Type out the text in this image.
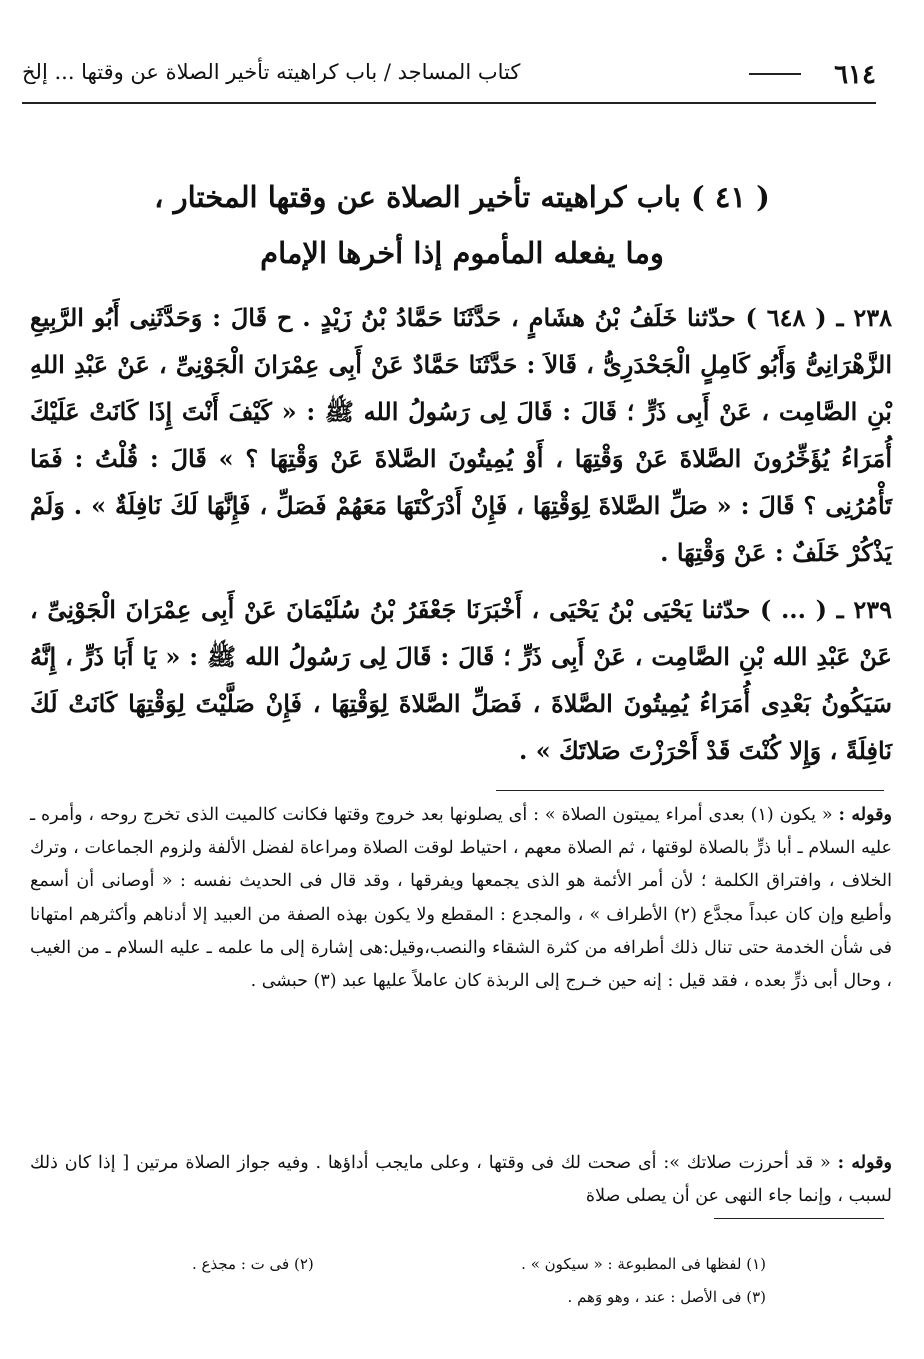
٦١٤
كتاب المساجد / باب كراهيته تأخير الصلاة عن وقتها ... إلخ
( ٤١ ) باب كراهيته تأخير الصلاة عن وقتها المختار ،
وما يفعله المأموم إذا أخرها الإمام

٢٣٨ ـ ( ٦٤٨ ) حدّثنا خَلَفُ بْنُ هشَامٍ ، حَدَّثَنَا حَمَّادُ بْنُ زَيْدٍ . ح قَالَ : وَحَدَّثَنِى أَبُو الرَّبِيعِ الزَّهْرَانِىُّ وَأَبُو كَامِلٍ الْجَحْدَرِىُّ ، قَالاَ : حَدَّثَنَا حَمَّادٌ عَنْ أَبِى عِمْرَانَ الْجَوْنِىِّ ، عَنْ عَبْدِ اللهِ بْنِ الصَّامِت ، عَنْ أَبِى ذَرٍّ ؛ قَالَ : قَالَ لِى رَسُولُ الله ﷺ : « كَيْفَ أَنْتَ إِذَا كَانَتْ عَلَيْكَ أُمَرَاءُ يُؤَخِّرُونَ الصَّلاةَ عَنْ وَقْتِهَا ، أَوْ يُمِيتُونَ الصَّلاةَ عَنْ وَقْتِهَا ؟ » قَالَ : قُلْتُ : فَمَا تَأْمُرُنِى ؟ قَالَ : « صَلِّ الصَّلاةَ لِوَقْتِهَا ، فَإِنْ أَدْرَكْتَهَا مَعَهُمْ فَصَلِّ ، فَإِنَّهَا لَكَ نَافِلَةٌ » . وَلَمْ يَذْكُرْ خَلَفٌ : عَنْ وَقْتِهَا .

٢٣٩ ـ ( ... ) حدّثنا يَحْيَى بْنُ يَحْيَى ، أَخْبَرَنَا جَعْفَرُ بْنُ سُلَيْمَانَ عَنْ أَبِى عِمْرَانَ الْجَوْنِىِّ ، عَنْ عَبْدِ الله بْنِ الصَّامِت ، عَنْ أَبِى ذَرٍّ ؛ قَالَ : قَالَ لِى رَسُولُ الله ﷺ : « يَا أَبَا ذَرٍّ ، إِنَّهُ سَيَكُونُ بَعْدِى أُمَرَاءُ يُمِيتُونَ الصَّلاةَ ، فَصَلِّ الصَّلاةَ لِوَقْتِهَا ، فَإِنْ صَلَّيْتَ لِوَقْتِهَا كَانَتْ لَكَ نَافِلَةً ، وَإِلا كُنْتَ قَدْ أَحْرَزْتَ صَلاتَكَ » .

وقوله : « يكون (١) بعدى أمراء يميتون الصلاة » : أى يصلونها بعد خروج وقتها فكانت كالميت الذى تخرج روحه ، وأمره ـ عليه السلام ـ أبا ذرٍّ بالصلاة لوقتها ، ثم الصلاة معهم ، احتياط لوقت الصلاة ومراعاة لفضل الألفة ولزوم الجماعات ، وترك الخلاف ، وافتراق الكلمة ؛ لأن أمر الأئمة هو الذى يجمعها ويفرقها ، وقد قال فى الحديث نفسه : « أوصانى أن أسمع وأطيع وإن كان عبداً مجدَّع (٢) الأطراف » ، والمجدع : المقطع ولا يكون بهذه الصفة من العبيد إلا أدناهم وأكثرهم امتهانا فى شأن الخدمة حتى تنال ذلك أطرافه من كثرة الشقاء والنصب،وقيل:هى إشارة إلى ما علمه ـ عليه السلام ـ من الغيب ، وحال أبى ذرٍّ بعده ، فقد قيل : إنه حين خـرج إلى الربذة كان عاملاً عليها عبد (٣) حبشى .

وقوله : « قد أحرزت صلاتك »: أى صحت لك فى وقتها ، وعلى مايجب أداؤها . وفيه جواز الصلاة مرتين [ إذا كان ذلك لسبب ، وإنما جاء النهى عن أن يصلى صلاة

(١) لفظها فى المطبوعة : « سيكون » .
(٢) فى ت : مجذع .
(٣) فى الأصل : عند ، وهو وَهم .
